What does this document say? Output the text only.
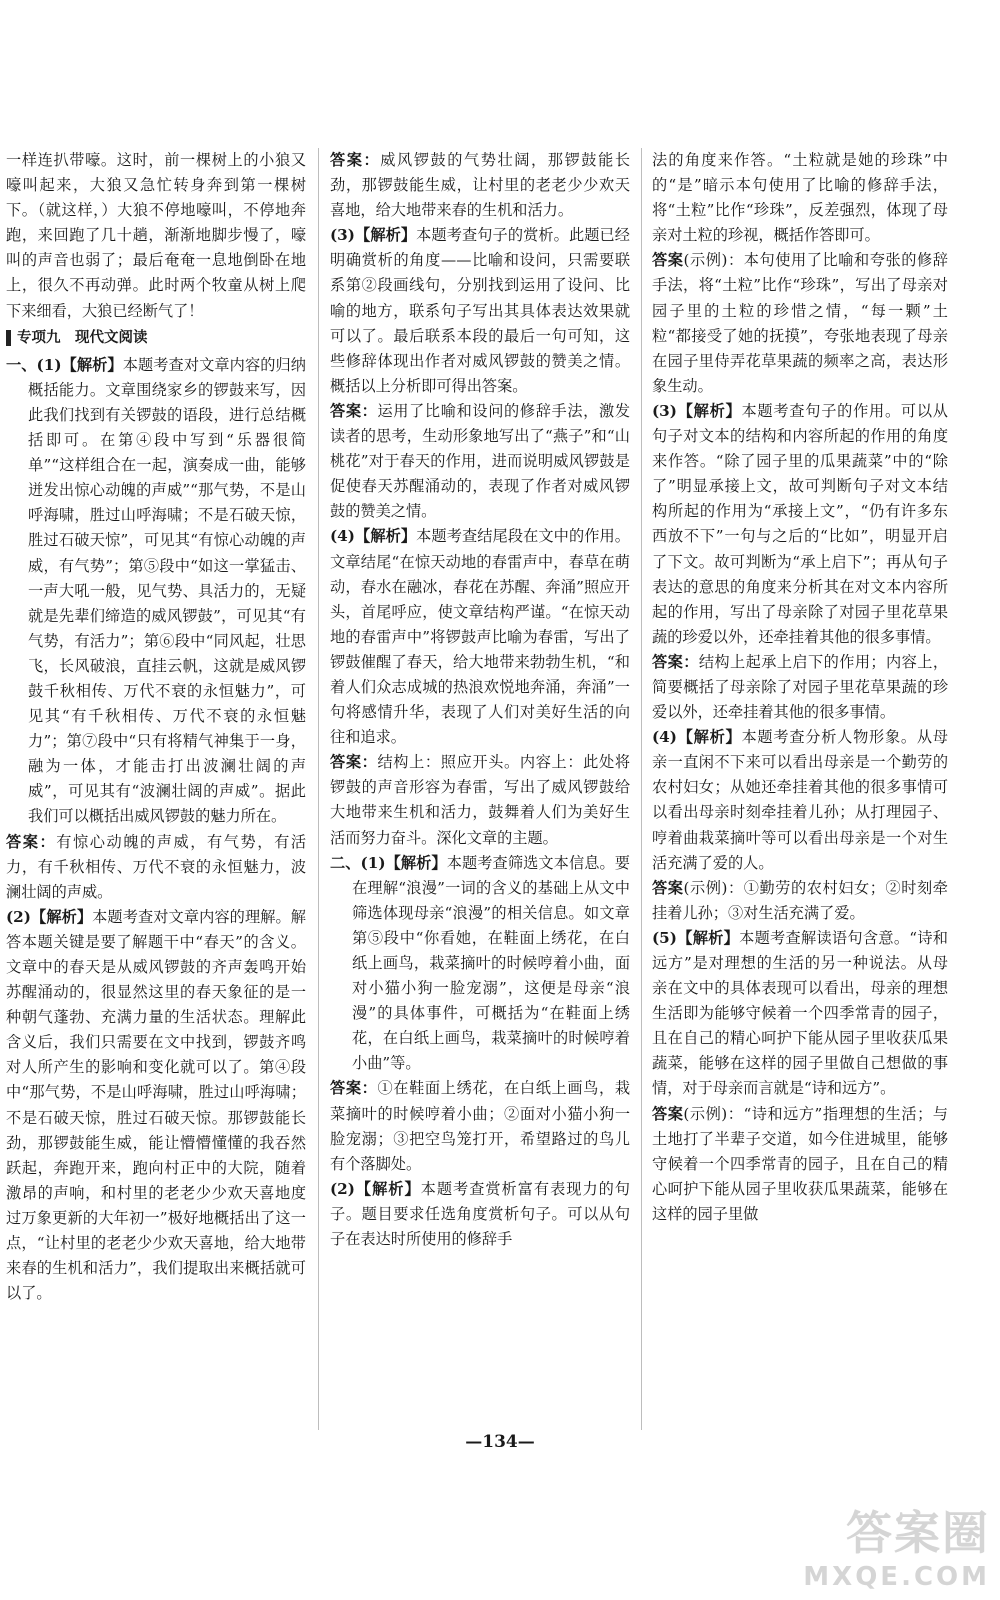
一样连扒带嚎。这时，前一棵树上的小狼又嚎叫起来，大狼又急忙转身奔到第一棵树下。（就这样，）大狼不停地嚎叫，不停地奔跑，来回跑了几十趟，渐渐地脚步慢了，嚎叫的声音也弱了；最后奄奄一息地倒卧在地上，很久不再动弹。此时两个牧童从树上爬下来细看，大狼已经断气了！

专项九　现代文阅读

一、(1)【解析】本题考查对文章内容的归纳概括能力。文章围绕家乡的锣鼓来写，因此我们找到有关锣鼓的语段，进行总结概括即可。在第④段中写到“乐器很简单”“这样组合在一起，演奏成一曲，能够迸发出惊心动魄的声威”“那气势，不是山呼海啸，胜过山呼海啸；不是石破天惊，胜过石破天惊”，可见其“有惊心动魄的声威，有气势”；第⑤段中“如这一掌猛击、一声大吼一般，见气势、具活力的，无疑就是先辈们缔造的威风锣鼓”，可见其“有气势，有活力”；第⑥段中“同风起，壮思飞，长风破浪，直挂云帆，这就是威风锣鼓千秋相传、万代不衰的永恒魅力”，可见其“有千秋相传、万代不衰的永恒魅力”；第⑦段中“只有将精气神集于一身，融为一体，才能击打出波澜壮阔的声威”，可见其有“波澜壮阔的声威”。据此我们可以概括出威风锣鼓的魅力所在。

答案：有惊心动魄的声威，有气势，有活力，有千秋相传、万代不衰的永恒魅力，波澜壮阔的声威。

(2)【解析】本题考查对文章内容的理解。解答本题关键是要了解题干中“春天”的含义。文章中的春天是从威风锣鼓的齐声轰鸣开始苏醒涌动的，很显然这里的春天象征的是一种朝气蓬勃、充满力量的生活状态。理解此含义后，我们只需要在文中找到，锣鼓齐鸣对人所产生的影响和变化就可以了。第④段中“那气势，不是山呼海啸，胜过山呼海啸；不是石破天惊，胜过石破天惊。那锣鼓能长劲，那锣鼓能生威，能让懵懵懂懂的我吞然跃起，奔跑开来，跑向村正中的大院，随着激昂的声响，和村里的老老少少欢天喜地度过万象更新的大年初一”极好地概括出了这一点，“让村里的老老少少欢天喜地，给大地带来春的生机和活力”，我们提取出来概括就可以了。

答案：威风锣鼓的气势壮阔，那锣鼓能长劲，那锣鼓能生威，让村里的老老少少欢天喜地，给大地带来春的生机和活力。

(3)【解析】本题考查句子的赏析。此题已经明确赏析的角度——比喻和设问，只需要联系第②段画线句，分别找到运用了设问、比喻的地方，联系句子写出其具体表达效果就可以了。最后联系本段的最后一句可知，这些修辞体现出作者对威风锣鼓的赞美之情。概括以上分析即可得出答案。

答案：运用了比喻和设问的修辞手法，激发读者的思考，生动形象地写出了“燕子”和“山桃花”对于春天的作用，进而说明威风锣鼓是促使春天苏醒涌动的，表现了作者对威风锣鼓的赞美之情。

(4)【解析】本题考查结尾段在文中的作用。文章结尾“在惊天动地的春雷声中，春草在萌动，春水在融冰，春花在苏醒、奔涌”照应开头，首尾呼应，使文章结构严谨。“在惊天动地的春雷声中”将锣鼓声比喻为春雷，写出了锣鼓催醒了春天，给大地带来勃勃生机，“和着人们众志成城的热浪欢悦地奔涌，奔涌”一句将感情升华，表现了人们对美好生活的向往和追求。

答案：结构上：照应开头。内容上：此处将锣鼓的声音形容为春雷，写出了威风锣鼓给大地带来生机和活力，鼓舞着人们为美好生活而努力奋斗。深化文章的主题。

二、(1)【解析】本题考查筛选文本信息。要在理解“浪漫”一词的含义的基础上从文中筛选体现母亲“浪漫”的相关信息。如文章第⑤段中“你看她，在鞋面上绣花，在白纸上画鸟，栽菜摘叶的时候哼着小曲，面对小猫小狗一脸宠溺”，这便是母亲“浪漫”的具体事件，可概括为“在鞋面上绣花，在白纸上画鸟，栽菜摘叶的时候哼着小曲”等。

答案：①在鞋面上绣花，在白纸上画鸟，栽菜摘叶的时候哼着小曲；②面对小猫小狗一脸宠溺；③把空鸟笼打开，希望路过的鸟儿有个落脚处。

(2)【解析】本题考查赏析富有表现力的句子。题目要求任选角度赏析句子。可以从句子在表达时所使用的修辞手

法的角度来作答。“土粒就是她的珍珠”中的“是”暗示本句使用了比喻的修辞手法，将“土粒”比作“珍珠”，反差强烈，体现了母亲对土粒的珍视，概括作答即可。

答案(示例)：本句使用了比喻和夸张的修辞手法，将“土粒”比作“珍珠”，写出了母亲对园子里的土粒的珍惜之情，“每一颗”土粒“都接受了她的抚摸”，夸张地表现了母亲在园子里侍弄花草果蔬的频率之高，表达形象生动。

(3)【解析】本题考查句子的作用。可以从句子对文本的结构和内容所起的作用的角度来作答。“除了园子里的瓜果蔬菜”中的“除了”明显承接上文，故可判断句子对文本结构所起的作用为“承接上文”，“仍有许多东西放不下”一句与之后的“比如”，明显开启了下文。故可判断为“承上启下”；再从句子表达的意思的角度来分析其在对文本内容所起的作用，写出了母亲除了对园子里花草果蔬的珍爱以外，还牵挂着其他的很多事情。

答案：结构上起承上启下的作用；内容上，简要概括了母亲除了对园子里花草果蔬的珍爱以外，还牵挂着其他的很多事情。

(4)【解析】本题考查分析人物形象。从母亲一直闲不下来可以看出母亲是一个勤劳的农村妇女；从她还牵挂着其他的很多事情可以看出母亲时刻牵挂着儿孙；从打理园子、哼着曲栽菜摘叶等可以看出母亲是一个对生活充满了爱的人。

答案(示例)：①勤劳的农村妇女；②时刻牵挂着儿孙；③对生活充满了爱。

(5)【解析】本题考查解读语句含意。“诗和远方”是对理想的生活的另一种说法。从母亲在文中的具体表现可以看出，母亲的理想生活即为能够守候着一个四季常青的园子，且在自己的精心呵护下能从园子里收获瓜果蔬菜，能够在这样的园子里做自己想做的事情，对于母亲而言就是“诗和远方”。

答案(示例)：“诗和远方”指理想的生活；与土地打了半辈子交道，如今住进城里，能够守候着一个四季常青的园子，且在自己的精心呵护下能从园子里收获瓜果蔬菜，能够在这样的园子里做

—134—
答案圈
MXQE.COM
